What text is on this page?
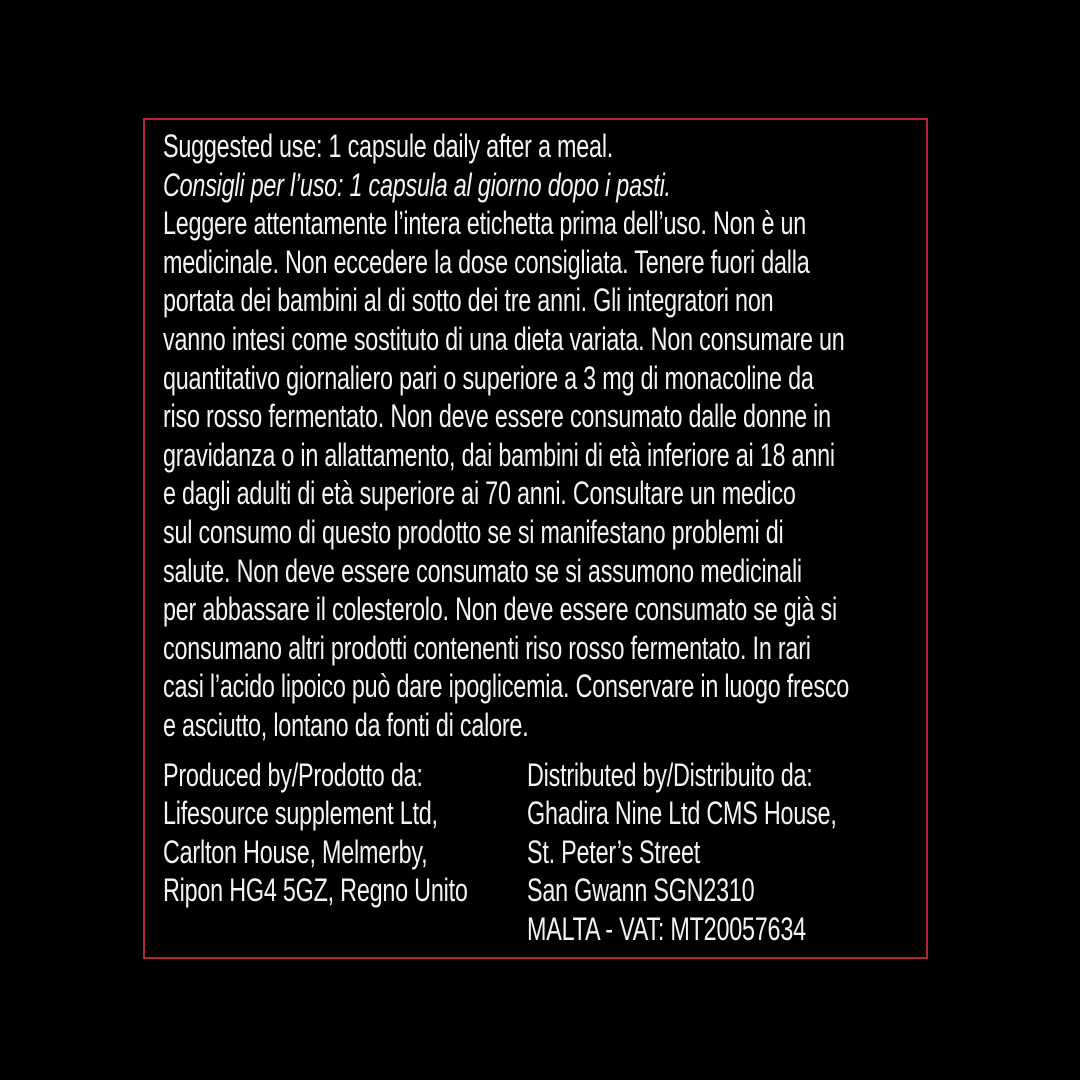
Suggested use: 1 capsule daily after a meal.
Consigli per l’uso: 1 capsula al giorno dopo i pasti.
Leggere attentamente l’intera etichetta prima dell’uso. Non è un
medicinale. Non eccedere la dose consigliata. Tenere fuori dalla
portata dei bambini al di sotto dei tre anni. Gli integratori non
vanno intesi come sostituto di una dieta variata. Non consumare un
quantitativo giornaliero pari o superiore a 3 mg di monacoline da
riso rosso fermentato. Non deve essere consumato dalle donne in
gravidanza o in allattamento, dai bambini di età inferiore ai 18 anni
e dagli adulti di età superiore ai 70 anni. Consultare un medico
sul consumo di questo prodotto se si manifestano problemi di
salute. Non deve essere consumato se si assumono medicinali
per abbassare il colesterolo. Non deve essere consumato se già si
consumano altri prodotti contenenti riso rosso fermentato. In rari
casi l’acido lipoico può dare ipoglicemia. Conservare in luogo fresco
e asciutto, lontano da fonti di calore.
Produced by/Prodotto da:
Lifesource supplement Ltd,
Carlton House, Melmerby,
Ripon HG4 5GZ, Regno Unito
Distributed by/Distribuito da:
Ghadira Nine Ltd CMS House,
St. Peter’s Street
San Gwann SGN2310
MALTA - VAT: MT20057634
